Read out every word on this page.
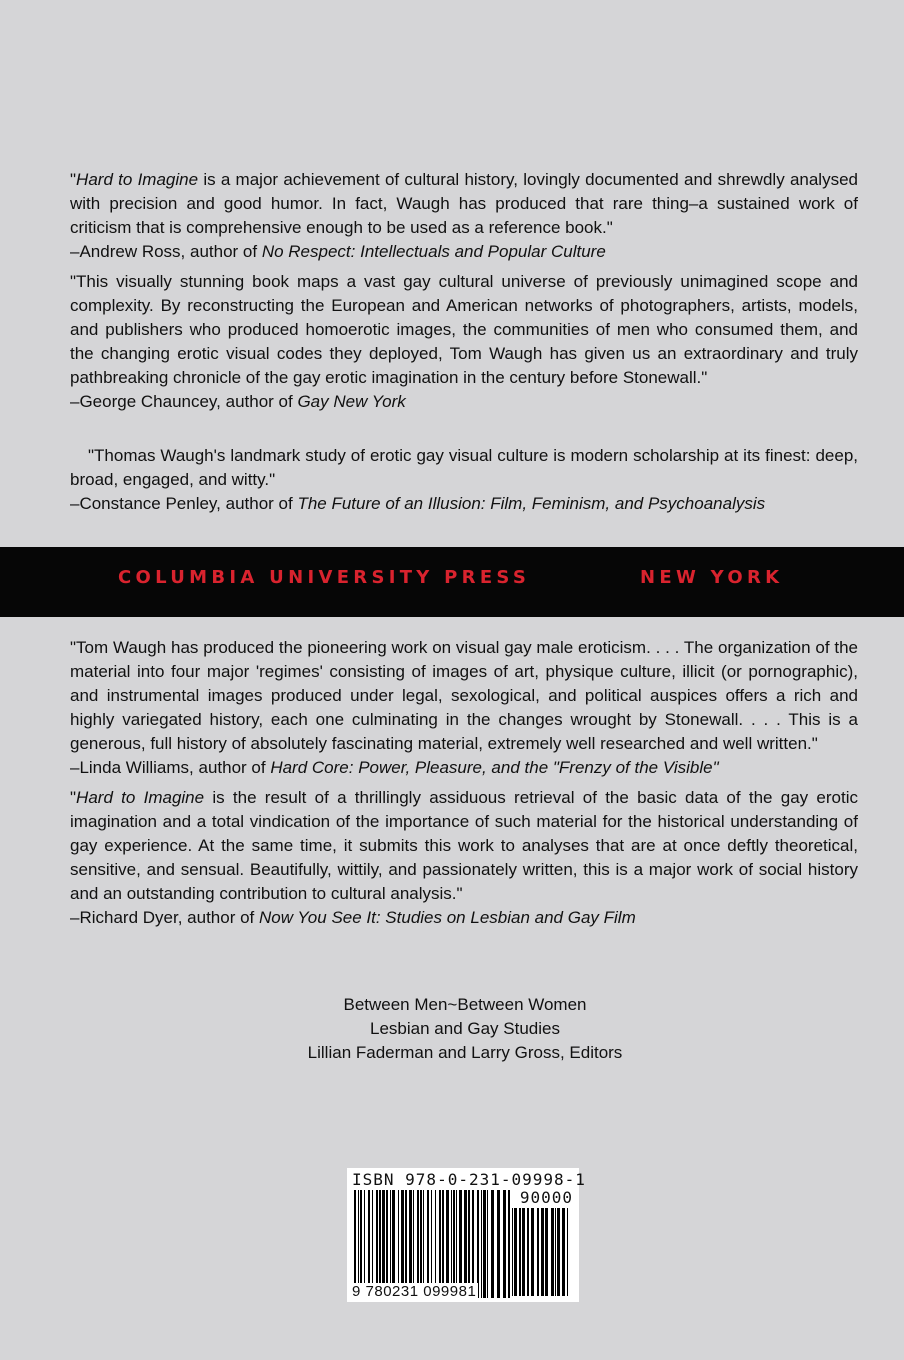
"Hard to Imagine is a major achievement of cultural history, lovingly documented and shrewdly analysed with precision and good humor. In fact, Waugh has produced that rare thing–a sustained work of criticism that is comprehensive enough to be used as a reference book."

–Andrew Ross, author of No Respect: Intellectuals and Popular Culture

"This visually stunning book maps a vast gay cultural universe of previously unimagined scope and complexity. By reconstructing the European and American networks of photographers, artists, models, and publishers who produced homoerotic images, the communities of men who consumed them, and the changing erotic visual codes they deployed, Tom Waugh has given us an extraordinary and truly pathbreaking chronicle of the gay erotic imagination in the century before Stonewall."

–George Chauncey, author of Gay New York

"Thomas Waugh's landmark study of erotic gay visual culture is modern scholarship at its finest: deep, broad, engaged, and witty."

–Constance Penley, author of The Future of an Illusion: Film, Feminism, and Psychoanalysis

COLUMBIA UNIVERSITY PRESS	NEW YORK

"Tom Waugh has produced the pioneering work on visual gay male eroticism. . . . The organization of the material into four major 'regimes' consisting of images of art, physique culture, illicit (or pornographic), and instrumental images produced under legal, sexological, and political auspices offers a rich and highly variegated history, each one culminating in the changes wrought by Stonewall. . . . This is a generous, full history of absolutely fascinating material, extremely well researched and well written."

–Linda Williams, author of Hard Core: Power, Pleasure, and the "Frenzy of the Visible"

"Hard to Imagine is the result of a thrillingly assiduous retrieval of the basic data of the gay erotic imagination and a total vindication of the importance of such material for the historical understanding of gay experience. At the same time, it submits this work to analyses that are at once deftly theoretical, sensitive, and sensual. Beautifully, wittily, and passionately written, this is a major work of social history and an outstanding contribution to cultural analysis."

–Richard Dyer, author of Now You See It: Studies on Lesbian and Gay Film

Between Men~Between Women
Lesbian and Gay Studies
Lillian Faderman and Larry Gross, Editors
ISBN 978-0-231-09998-1
90000
9 780231 099981
